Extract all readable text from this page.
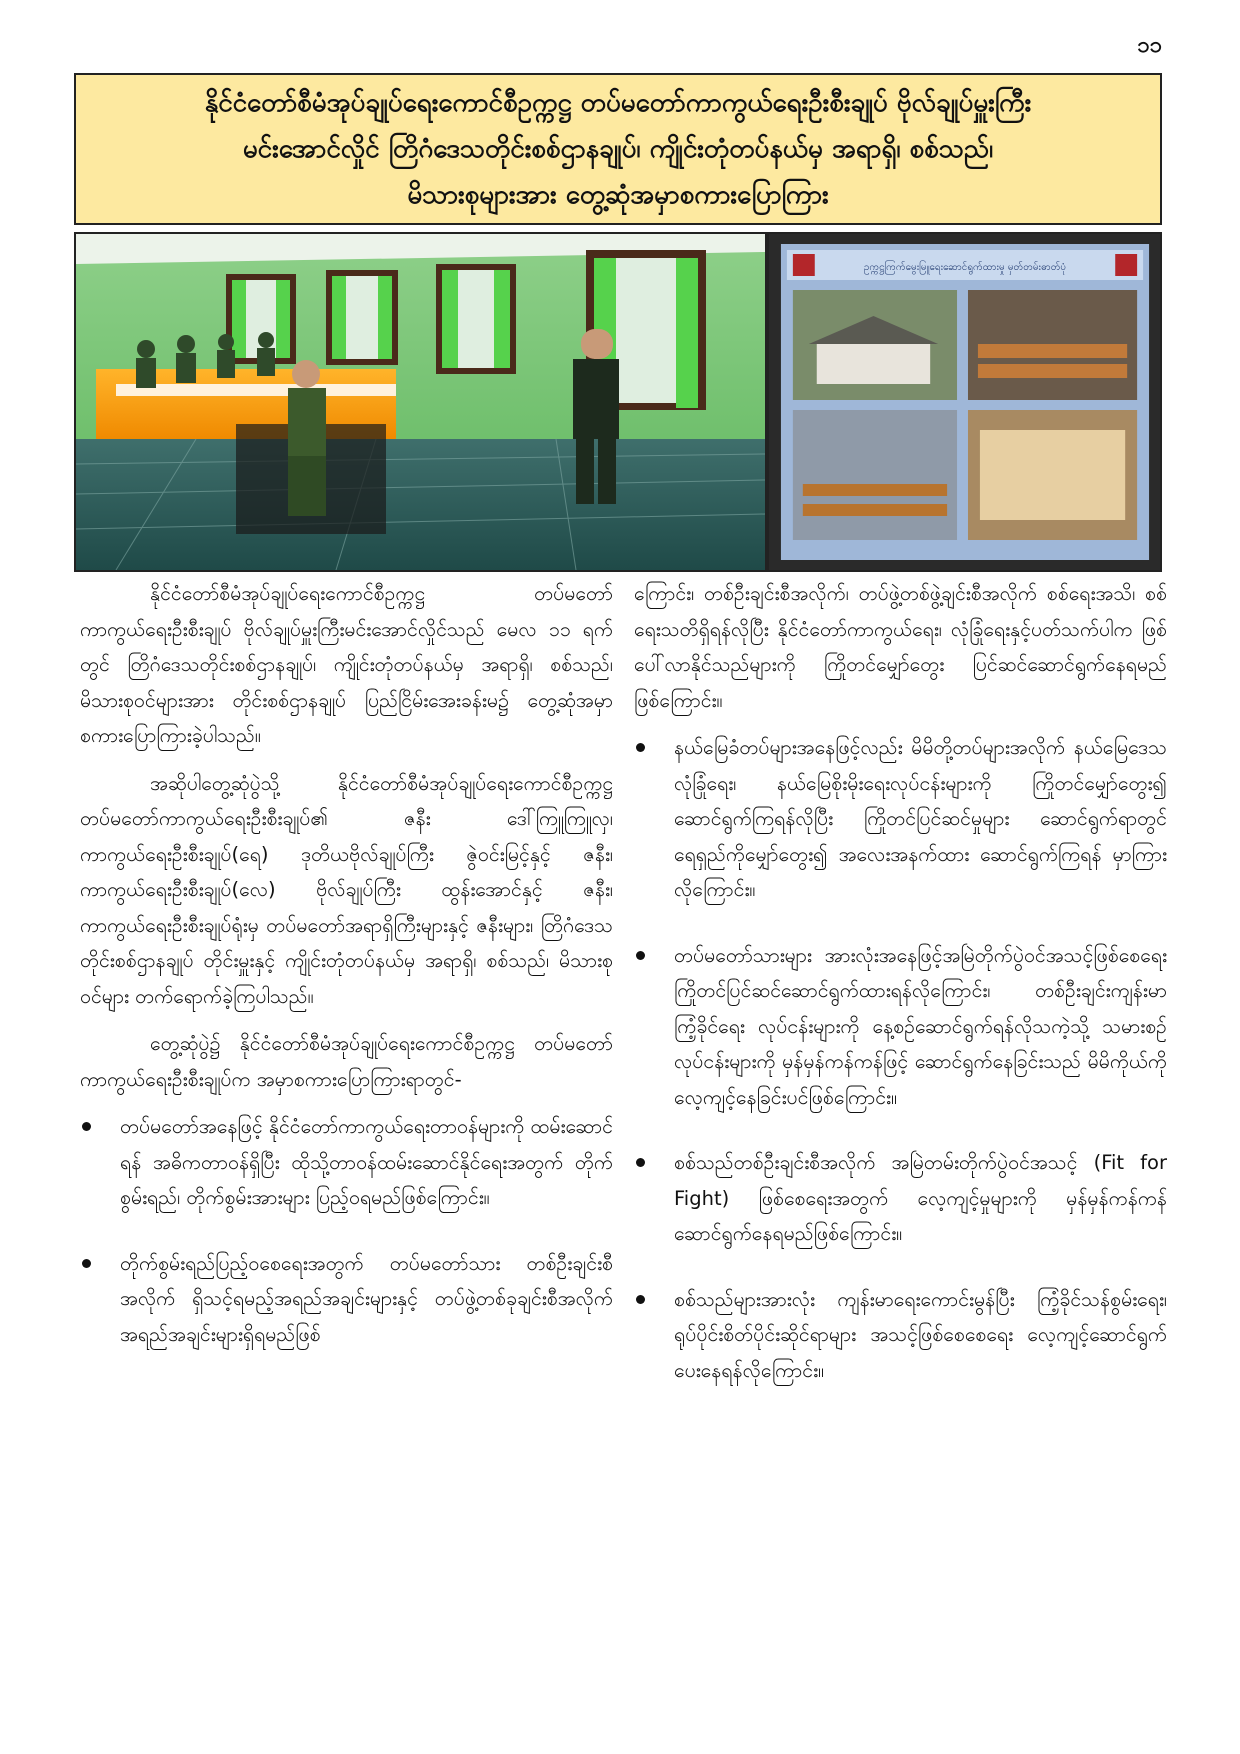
၁၁
နိုင်ငံတော်စီမံအုပ်ချုပ်ရေးကောင်စီဥက္ကဋ္ဌ တပ်မတော်ကာကွယ်ရေးဦးစီးချုပ် ဗိုလ်ချုပ်မှူးကြီး
မင်းအောင်လှိုင် တြိဂံဒေသတိုင်းစစ်ဌာနချုပ်၊ ကျိုင်းတုံတပ်နယ်မှ အရာရှိ၊ စစ်သည်၊
မိသားစုများအား တွေ့ဆုံအမှာစကားပြောကြား
ဥက္ကဋ္ဌကြက်မွေးမြူရေးဆောင်ရွက်ထားမှု မှတ်တမ်းဓာတ်ပုံ

နိုင်ငံတော်စီမံအုပ်ချုပ်ရေးကောင်စီဥက္ကဋ္ဌ တပ်မတော်ကာကွယ်ရေးဦးစီးချုပ် ဗိုလ်ချုပ်မှူးကြီးမင်းအောင်လှိုင်သည် မေလ ၁၁ ရက်တွင် တြိဂံဒေသတိုင်းစစ်ဌာနချုပ်၊ ကျိုင်းတုံတပ်နယ်မှ အရာရှိ၊ စစ်သည်၊ မိသားစုဝင်များအား တိုင်းစစ်ဌာနချုပ် ပြည်ငြိမ်းအေးခန်းမ၌ တွေ့ဆုံအမှာစကားပြောကြားခဲ့ပါသည်။

အဆိုပါတွေ့ဆုံပွဲသို့ နိုင်ငံတော်စီမံအုပ်ချုပ်ရေးကောင်စီဥက္ကဋ္ဌ တပ်မတော်ကာကွယ်ရေးဦးစီးချုပ်၏ ဇနီး ဒေါ်ကြူကြူလှ၊ ကာကွယ်ရေးဦးစီးချုပ်(ရေ) ဒုတိယဗိုလ်ချုပ်ကြီး ဇွဲဝင်းမြင့်နှင့် ဇနီး၊ ကာကွယ်ရေးဦးစီးချုပ်(လေ) ဗိုလ်ချုပ်ကြီး ထွန်းအောင်နှင့် ဇနီး၊ ကာကွယ်ရေးဦးစီးချုပ်ရုံးမှ တပ်မတော်အရာရှိကြီးများနှင့် ဇနီးများ၊ တြိဂံဒေသတိုင်းစစ်ဌာနချုပ် တိုင်းမှူးနှင့် ကျိုင်းတုံတပ်နယ်မှ အရာရှိ၊ စစ်သည်၊ မိသားစုဝင်များ တက်ရောက်ခဲ့ကြပါသည်။

တွေ့ဆုံပွဲ၌ နိုင်ငံတော်စီမံအုပ်ချုပ်ရေးကောင်စီဥက္ကဋ္ဌ တပ်မတော်ကာကွယ်ရေးဦးစီးချုပ်က အမှာစကားပြောကြားရာတွင်-

တပ်မတော်အနေဖြင့် နိုင်ငံတော်ကာကွယ်ရေးတာဝန်များကို ထမ်းဆောင်ရန် အဓိကတာဝန်ရှိပြီး ထိုသို့တာဝန်ထမ်းဆောင်နိုင်ရေးအတွက် တိုက်စွမ်းရည်၊ တိုက်စွမ်းအားများ ပြည့်ဝရမည်ဖြစ်ကြောင်း။
တိုက်စွမ်းရည်ပြည့်ဝစေရေးအတွက် တပ်မတော်သား တစ်ဦးချင်းစီအလိုက် ရှိသင့်ရမည့်အရည်အချင်းများနှင့် တပ်ဖွဲ့တစ်ခုချင်းစီအလိုက် အရည်အချင်းများရှိရမည်ဖြစ်

ကြောင်း၊ တစ်ဦးချင်းစီအလိုက်၊ တပ်ဖွဲ့တစ်ဖွဲ့ချင်းစီအလိုက် စစ်ရေးအသိ၊ စစ်ရေးသတိရှိရန်လိုပြီး နိုင်ငံတော်ကာကွယ်ရေး၊ လုံခြုံရေးနှင့်ပတ်သက်ပါက ဖြစ်ပေါ်လာနိုင်သည်များကို ကြိုတင်မျှော်တွေး ပြင်ဆင်ဆောင်ရွက်နေရမည်ဖြစ်ကြောင်း။

နယ်မြေခံတပ်များအနေဖြင့်လည်း မိမိတို့တပ်များအလိုက် နယ်မြေဒေသလုံခြုံရေး၊ နယ်မြေစိုးမိုးရေးလုပ်ငန်းများကို ကြိုတင်မျှော်တွေး၍ ဆောင်ရွက်ကြရန်လိုပြီး ကြိုတင်ပြင်ဆင်မှုများ ဆောင်ရွက်ရာတွင် ရေရှည်ကိုမျှော်တွေး၍ အလေးအနက်ထား ဆောင်ရွက်ကြရန် မှာကြားလိုကြောင်း။
တပ်မတော်သားများ အားလုံးအနေဖြင့်အမြဲတိုက်ပွဲဝင်အသင့်ဖြစ်စေရေး ကြိုတင်ပြင်ဆင်ဆောင်ရွက်ထားရန်လိုကြောင်း၊ တစ်ဦးချင်းကျန်းမာကြံ့ခိုင်ရေး လုပ်ငန်းများကို နေ့စဉ်ဆောင်ရွက်ရန်လိုသကဲ့သို့ သမားစဉ်လုပ်ငန်းများကို မှန်မှန်ကန်ကန်ဖြင့် ဆောင်ရွက်နေခြင်းသည် မိမိကိုယ်ကို လေ့ကျင့်နေခြင်းပင်ဖြစ်ကြောင်း။
စစ်သည်တစ်ဦးချင်းစီအလိုက် အမြဲတမ်းတိုက်ပွဲဝင်အသင့် (Fit for Fight) ဖြစ်စေရေးအတွက် လေ့ကျင့်မှုများကို မှန်မှန်ကန်ကန် ဆောင်ရွက်နေရမည်ဖြစ်ကြောင်း။
စစ်သည်များအားလုံး ကျန်းမာရေးကောင်းမွန်ပြီး ကြံ့ခိုင်သန်စွမ်းရေး၊ ရုပ်ပိုင်းစိတ်ပိုင်းဆိုင်ရာများ အသင့်ဖြစ်စေစေရေး လေ့ကျင့်ဆောင်ရွက်ပေးနေရန်လိုကြောင်း။
